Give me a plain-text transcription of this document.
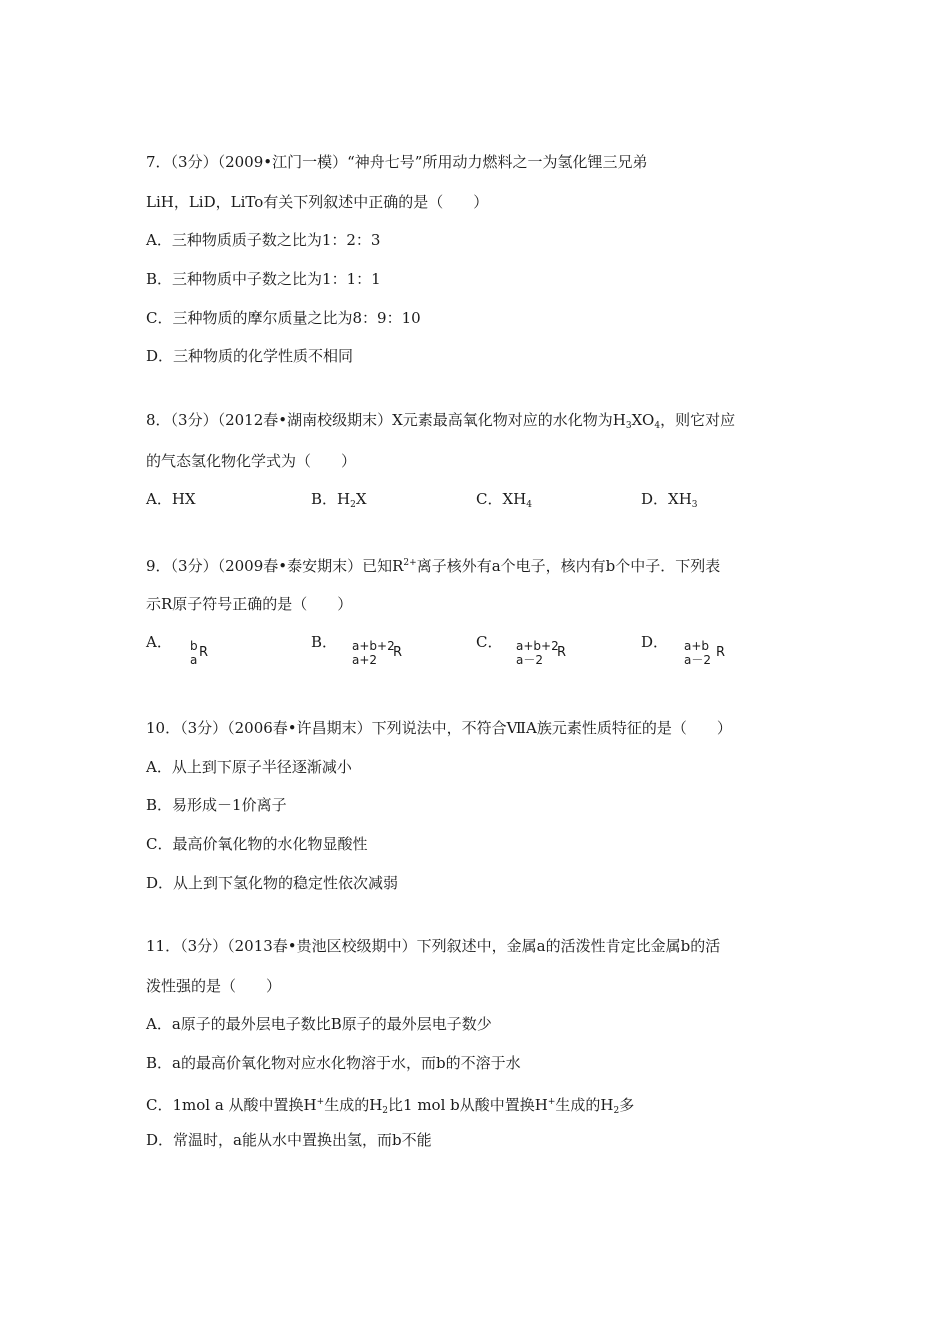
7．（3分）（2009•江门一模）“神舟七号”所用动力燃料之一为氢化锂三兄弟
LiH，LiD，LiTo有关下列叙述中正确的是（　　）
A．三种物质质子数之比为1：2：3
B．三种物质中子数之比为1：1：1
C．三种物质的摩尔质量之比为8：9：10
D．三种物质的化学性质不相同
8．（3分）（2012春•湖南校级期末）X元素最高氧化物对应的水化物为$H_3XO_4$，则它对应
的气态氢化物化学式为（　　）
A．HX	B．$H_2X$	C．$XH_4$	D．$XH_3$
9．（3分）（2009春•泰安期末）已知$R^{2+}$离子核外有a个电子，核内有b个中子．下列表
示R原子符号正确的是（　　）
A． b
a R
B． a+b+2
a+2 R
C． a+b+2
a－2 R
D． a+b
a－2 R
10．（3分）（2006春•许昌期末）下列说法中，不符合ⅦA族元素性质特征的是（　　）
A．从上到下原子半径逐渐减小
B．易形成－1价离子
C．最高价氧化物的水化物显酸性
D．从上到下氢化物的稳定性依次减弱
11．（3分）（2013春•贵池区校级期中）下列叙述中，金属a的活泼性肯定比金属b的活
泼性强的是（　　）
A．a原子的最外层电子数比B原子的最外层电子数少
B．a的最高价氧化物对应水化物溶于水，而b的不溶于水
C．1mol a 从酸中置换H+生成的$H_2$比1 mol b从酸中置换H+生成的$H_2$多
D．常温时，a能从水中置换出氢，而b不能
